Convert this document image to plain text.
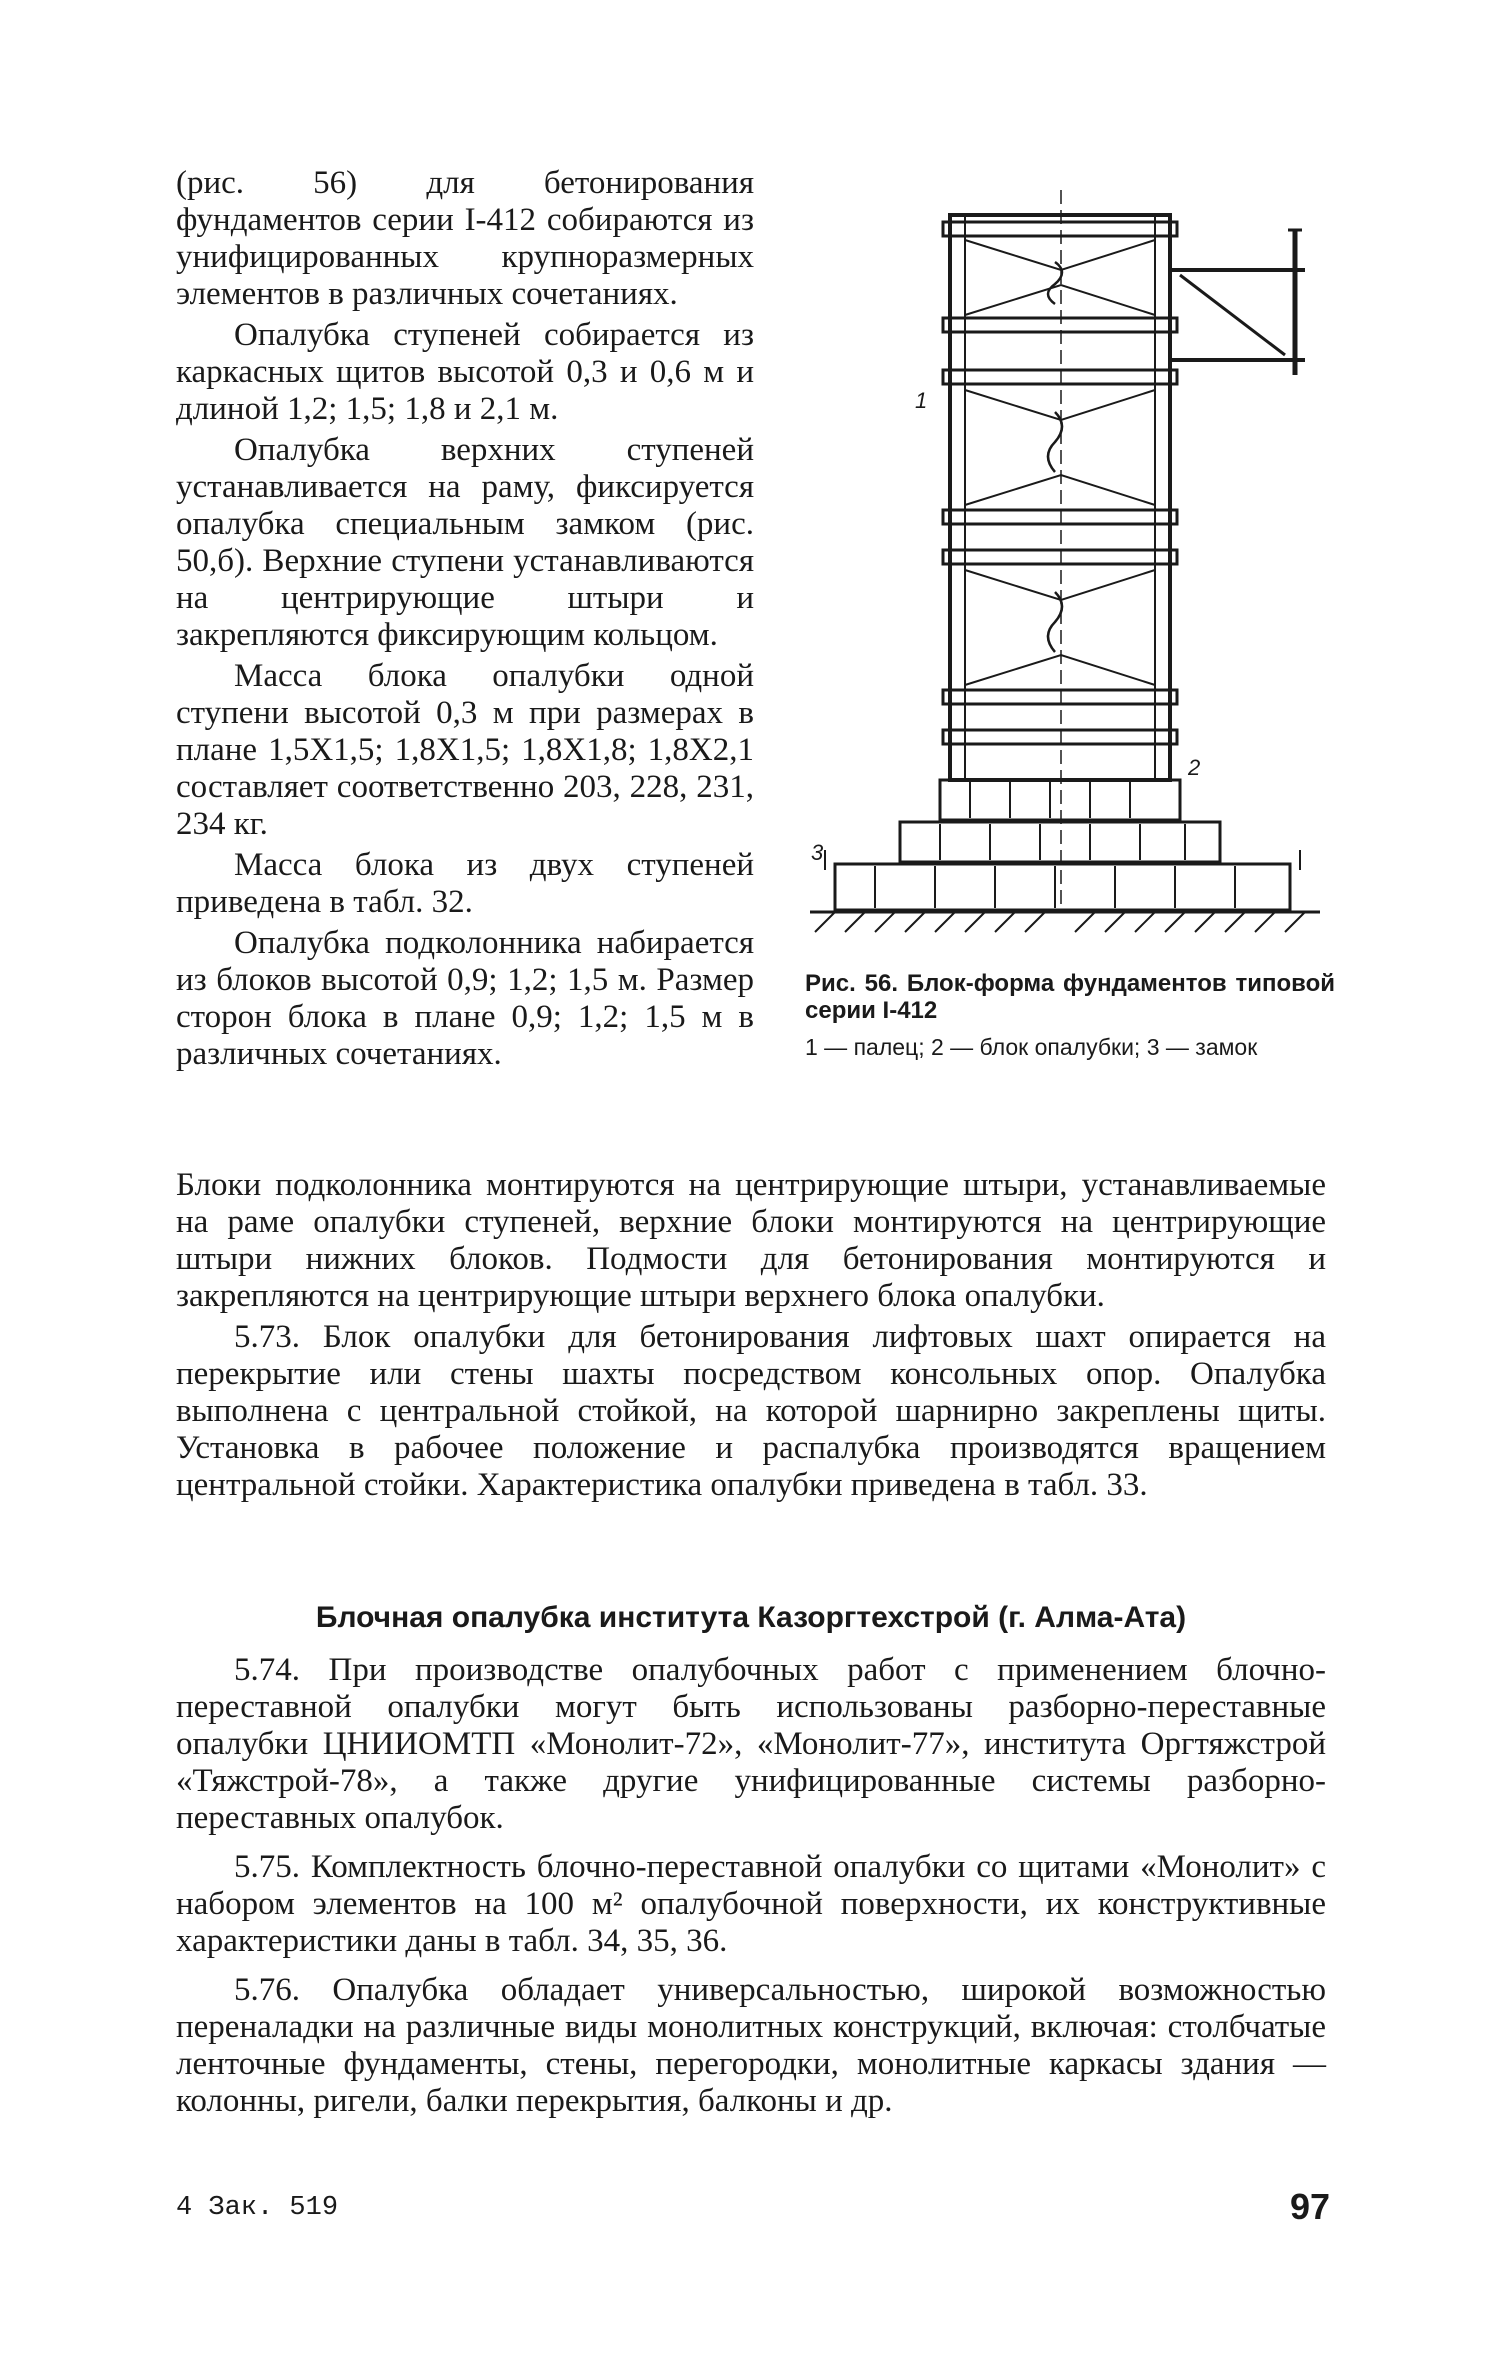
(рис. 56) для бетонирования фундаментов серии I-412 собираются из унифицированных крупноразмерных элементов в различных сочетаниях.

Опалубка ступеней собирается из каркасных щитов высотой 0,3 и 0,6 м и длиной 1,2; 1,5; 1,8 и 2,1 м.

Опалубка верхних ступеней устанавливается на раму, фиксируется опалубка специальным замком (рис. 50,б). Верхние ступени устанавливаются на центрирующие штыри и закрепляются фиксирующим кольцом.

Масса блока опалубки одной ступени высотой 0,3 м при размерах в плане 1,5Х1,5; 1,8Х1,5; 1,8Х1,8; 1,8Х2,1 составляет соответственно 203, 228, 231, 234 кг.

Масса блока из двух ступеней приведена в табл. 32.

Опалубка подколонника набирается из блоков высотой 0,9; 1,2; 1,5 м. Размер сторон блока в плане 0,9; 1,2; 1,5 м в различных сочетаниях.

1
2
3
Рис. 56. Блок-форма фундаментов типовой серии I-412
1 — палец; 2 — блок опалубки; 3 — замок

Блоки подколонника монтируются на центрирующие штыри, устанавливаемые на раме опалубки ступеней, верхние блоки монтируются на центрирующие штыри нижних блоков. Подмости для бетонирования монтируются и закрепляются на центрирующие штыри верхнего блока опалубки.

5.73. Блок опалубки для бетонирования лифтовых шахт опирается на перекрытие или стены шахты посредством консольных опор. Опалубка выполнена с центральной стойкой, на которой шарнирно закреплены щиты. Установка в рабочее положение и распалубка производятся вращением центральной стойки. Характеристика опалубки приведена в табл. 33.

Блочная опалубка института Казоргтехстрой (г. Алма-Ата)

5.74. При производстве опалубочных работ с применением блочно-переставной опалубки могут быть использованы разборно-переставные опалубки ЦНИИОМТП «Монолит-72», «Монолит-77», института Оргтяжстрой «Тяжстрой-78», а также другие унифицированные системы разборно-переставных опалубок.

5.75. Комплектность блочно-переставной опалубки со щитами «Монолит» с набором элементов на 100 м² опалубочной поверхности, их конструктивные характеристики даны в табл. 34, 35, 36.

5.76. Опалубка обладает универсальностью, широкой возможностью переналадки на различные виды монолитных конструкций, включая: столбчатые ленточные фундаменты, стены, перегородки, монолитные каркасы здания — колонны, ригели, балки перекрытия, балконы и др.

4 Зак. 519	97
